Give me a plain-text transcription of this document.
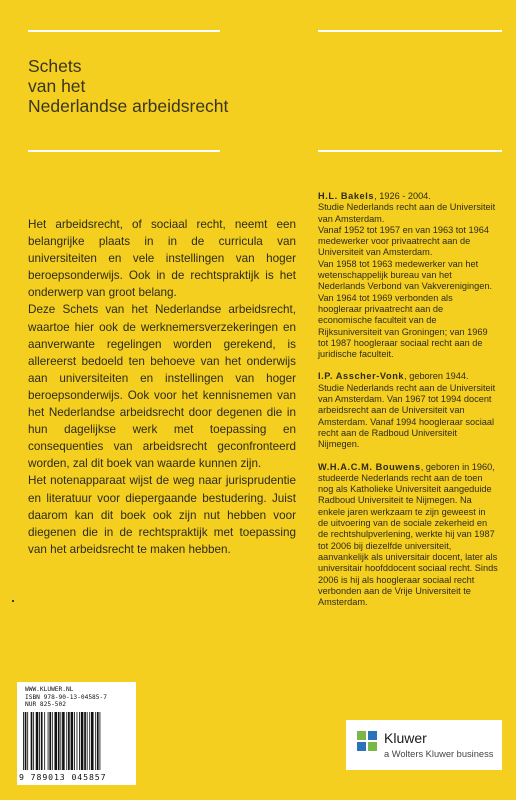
Schets
van het
Nederlandse arbeidsrecht

Het arbeidsrecht, of sociaal recht, neemt een belangrijke plaats in in de curricula van universiteiten en vele instellingen van hoger beroepsonderwijs. Ook in de rechtspraktijk is het onderwerp van groot belang.

Deze Schets van het Nederlandse arbeidsrecht, waartoe hier ook de werknemersverzekeringen en aanverwante regelingen worden gerekend, is allereerst bedoeld ten behoeve van het onderwijs aan universiteiten en instellingen van hoger beroepsonderwijs. Ook voor het kennisnemen van het Nederlandse arbeidsrecht door degenen die in hun dagelijkse werk met toepassing en consequenties van arbeidsrecht geconfronteerd worden, zal dit boek van waarde kunnen zijn.

Het notenapparaat wijst de weg naar jurisprudentie en literatuur voor diepergaande bestudering. Juist daarom kan dit boek ook zijn nut hebben voor diegenen die in de rechtspraktijk met toepassing van het arbeidsrecht te maken hebben.

H.L. Bakels, 1926 - 2004.

Studie Nederlands recht aan de Universiteit van Amsterdam.

Vanaf 1952 tot 1957 en van 1963 tot 1964 medewerker voor privaatrecht aan de Universiteit van Amsterdam.

Van 1958 tot 1963 medewerker van het wetenschappelijk bureau van het Nederlands Verbond van Vakverenigingen.

Van 1964 tot 1969 verbonden als hoogleraar privaatrecht aan de economische faculteit van de Rijksuniversiteit van Groningen; van 1969 tot 1987 hoogleraar sociaal recht aan de juridische faculteit.

I.P. Asscher-Vonk, geboren 1944.

Studie Nederlands recht aan de Universiteit van Amsterdam. Van 1967 tot 1994 docent arbeidsrecht aan de Universiteit van Amsterdam. Vanaf 1994 hoogleraar sociaal recht aan de Radboud Universiteit Nijmegen.

W.H.A.C.M. Bouwens, geboren in 1960, studeerde Nederlands recht aan de toen nog als Katholieke Universiteit aangeduide Radboud Universiteit te Nijmegen. Na enkele jaren werkzaam te zijn geweest in de uitvoering van de sociale zekerheid en de rechtshulpverlening, werkte hij van 1987 tot 2006 bij diezelfde universiteit, aanvankelijk als universitair docent, later als universitair hoofddocent sociaal recht. Sinds 2006 is hij als hoogleraar sociaal recht verbonden aan de Vrije Universiteit te Amsterdam.

WWW.KLUWER.NL
ISBN 978-90-13-04585-7
NUR 825-502
9 789013 045857
Kluwer
a Wolters Kluwer business
